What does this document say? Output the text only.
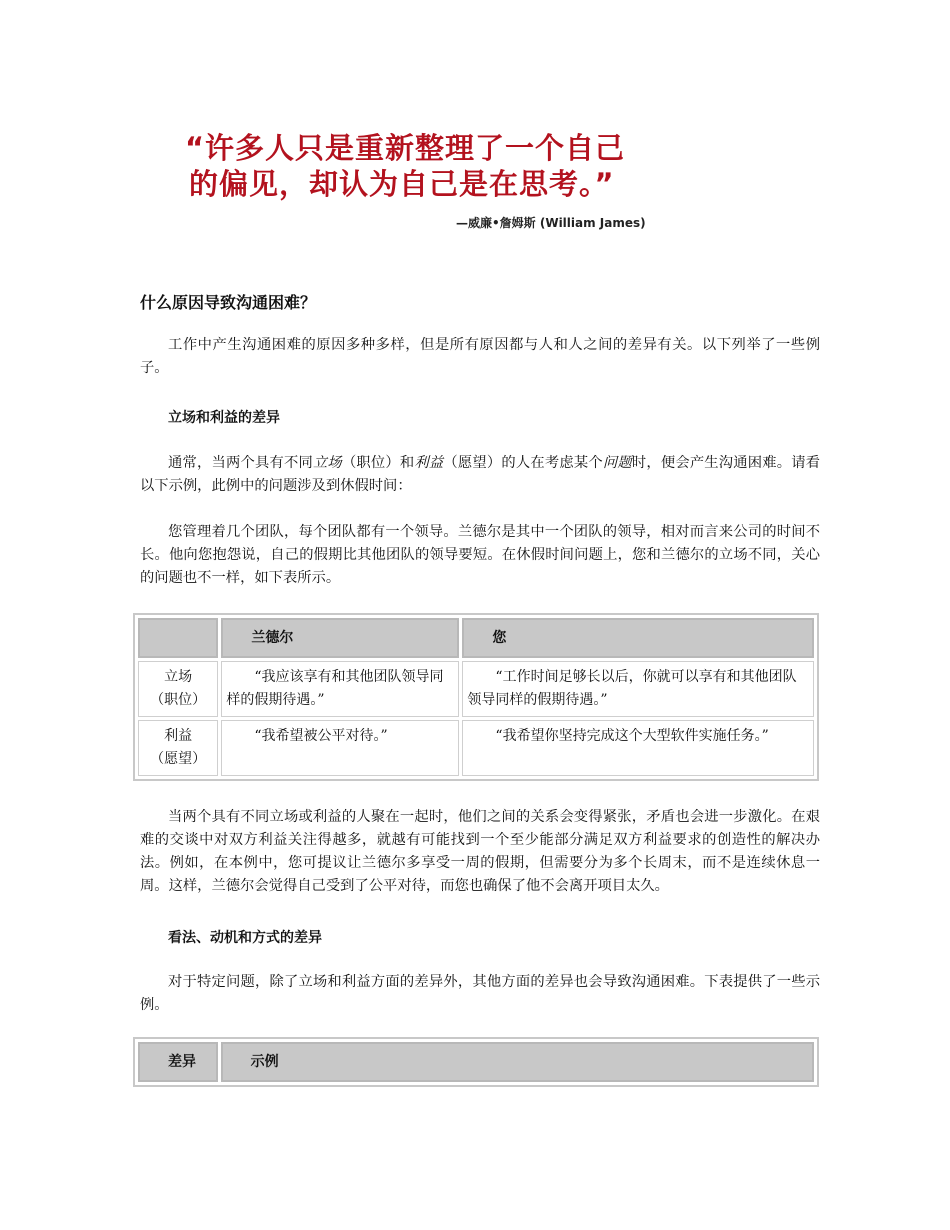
“许多人只是重新整理了一个自己
的偏见，却认为自己是在思考。”
—威廉•詹姆斯 (William James)
什么原因导致沟通困难？
工作中产生沟通困难的原因多种多样，但是所有原因都与人和人之间的差异有关。以下列举了一些例子。
立场和利益的差异
通常，当两个具有不同立场（职位）和利益（愿望）的人在考虑某个问题时，便会产生沟通困难。请看以下示例，此例中的问题涉及到休假时间：
您管理着几个团队，每个团队都有一个领导。兰德尔是其中一个团队的领导，相对而言来公司的时间不长。他向您抱怨说，自己的假期比其他团队的领导要短。在休假时间问题上，您和兰德尔的立场不同，关心的问题也不一样，如下表所示。
	兰德尔	您

立场
（职位）	“我应该享有和其他团队领导同样的假期待遇。”	“工作时间足够长以后，你就可以享有和其他团队领导同样的假期待遇。”

利益
（愿望）	“我希望被公平对待。”	“我希望你坚持完成这个大型软件实施任务。”
当两个具有不同立场或利益的人聚在一起时，他们之间的关系会变得紧张，矛盾也会进一步激化。在艰难的交谈中对双方利益关注得越多，就越有可能找到一个至少能部分满足双方利益要求的创造性的解决办法。例如，在本例中，您可提议让兰德尔多享受一周的假期，但需要分为多个长周末，而不是连续休息一周。这样，兰德尔会觉得自己受到了公平对待，而您也确保了他不会离开项目太久。
看法、动机和方式的差异
对于特定问题，除了立场和利益方面的差异外，其他方面的差异也会导致沟通困难。下表提供了一些示例。
差异	示例
